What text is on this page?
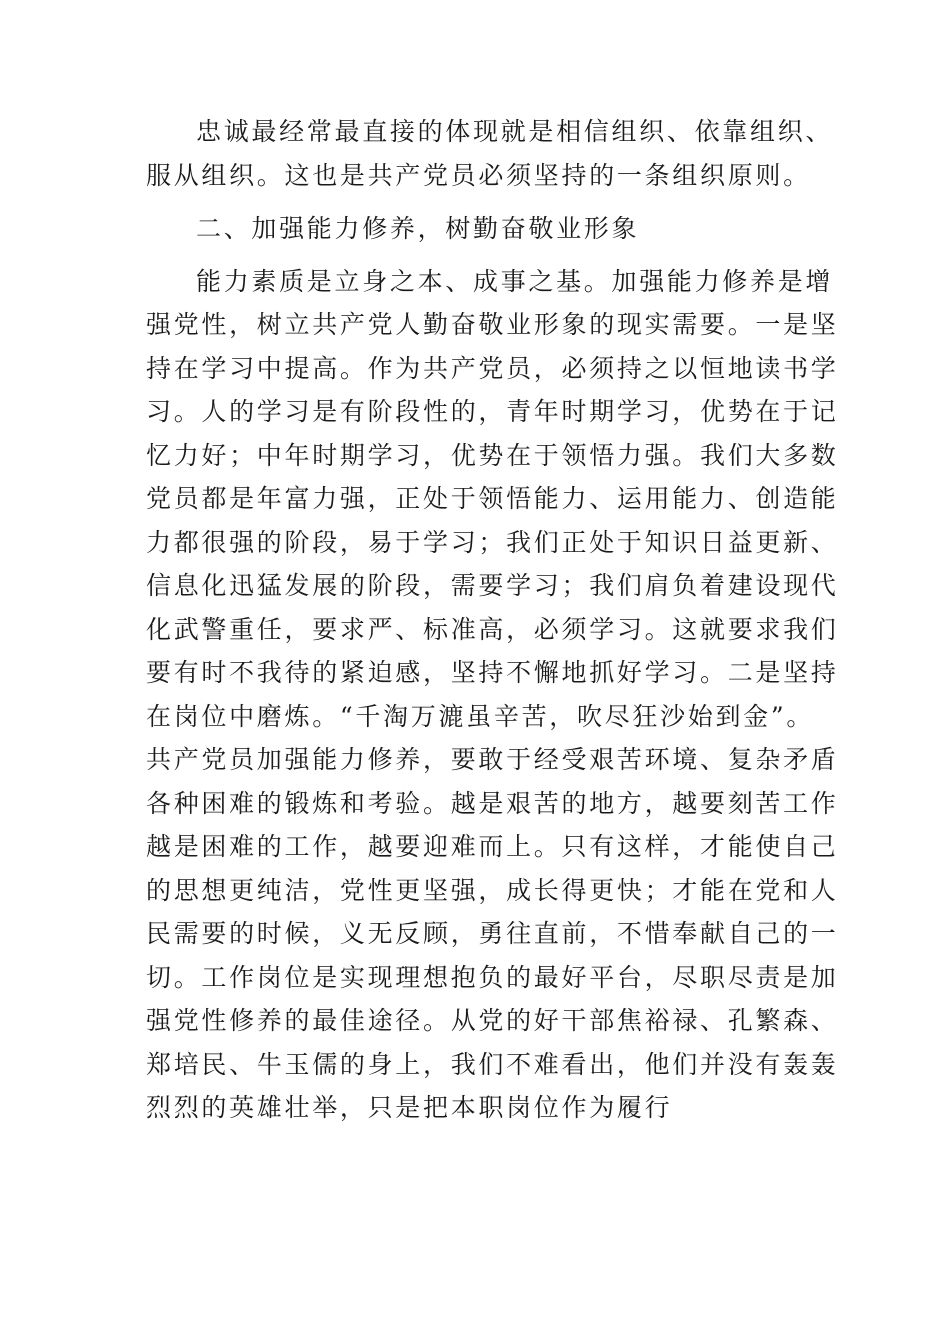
忠诚最经常最直接的体现就是相信组织、依靠组织、
服从组织。这也是共产党员必须坚持的一条组织原则。
二、加强能力修养，树勤奋敬业形象
能力素质是立身之本、成事之基。加强能力修养是增
强党性，树立共产党人勤奋敬业形象的现实需要。一是坚
持在学习中提高。作为共产党员，必须持之以恒地读书学
习。人的学习是有阶段性的，青年时期学习，优势在于记
忆力好；中年时期学习，优势在于领悟力强。我们大多数
党员都是年富力强，正处于领悟能力、运用能力、创造能
力都很强的阶段，易于学习；我们正处于知识日益更新、
信息化迅猛发展的阶段，需要学习；我们肩负着建设现代
化武警重任，要求严、标准高，必须学习。这就要求我们
要有时不我待的紧迫感，坚持不懈地抓好学习。二是坚持
在岗位中磨炼。“千淘万漉虽辛苦，吹尽狂沙始到金”。
共产党员加强能力修养，要敢于经受艰苦环境、复杂矛盾
各种困难的锻炼和考验。越是艰苦的地方，越要刻苦工作
越是困难的工作，越要迎难而上。只有这样，才能使自己
的思想更纯洁，党性更坚强，成长得更快；才能在党和人
民需要的时候，义无反顾，勇往直前，不惜奉献自己的一
切。工作岗位是实现理想抱负的最好平台，尽职尽责是加
强党性修养的最佳途径。从党的好干部焦裕禄、孔繁森、
郑培民、牛玉儒的身上，我们不难看出，他们并没有轰轰
烈烈的英雄壮举，只是把本职岗位作为履行
